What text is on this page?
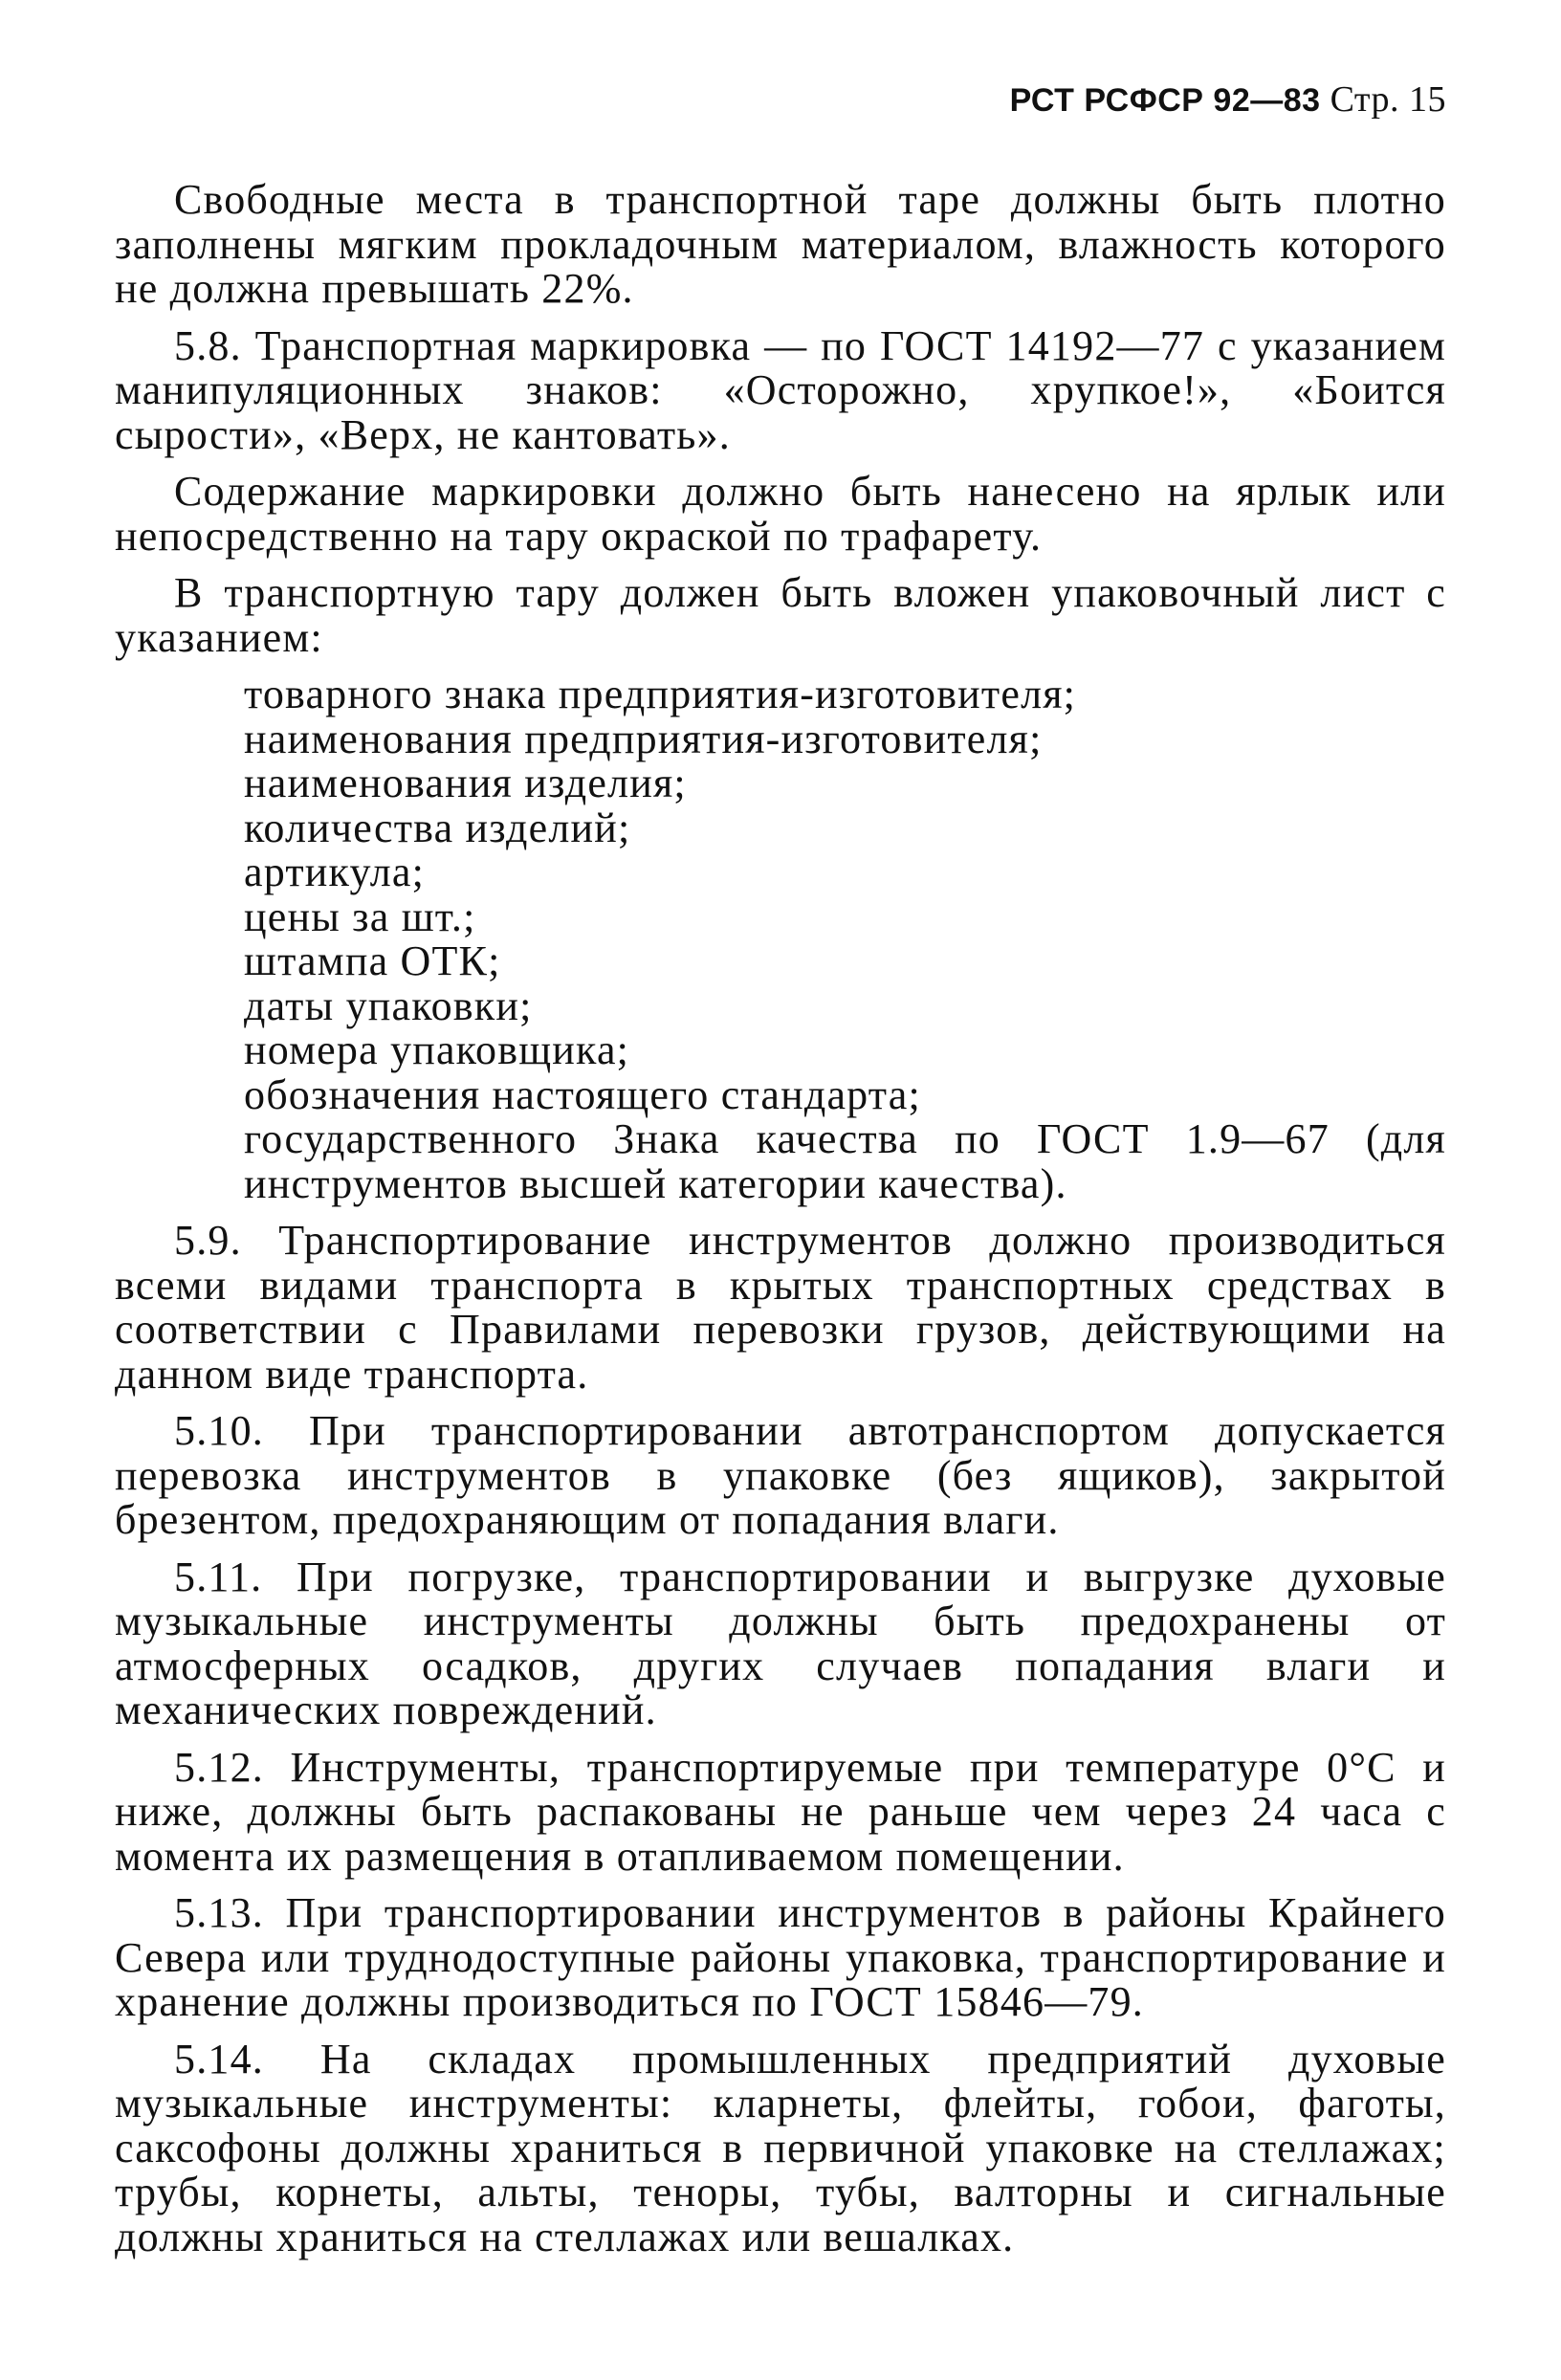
РСТ РСФСР 92—83 Стр. 15

Свободные места в транспортной таре должны быть плотно заполнены мягким прокладочным материалом, влажность которого не должна превышать 22%.

5.8. Транспортная маркировка — по ГОСТ 14192—77 с указанием манипуляционных знаков: «Осторожно, хрупкое!», «Боится сырости», «Верх, не кантовать».

Содержание маркировки должно быть нанесено на ярлык или непосредственно на тару окраской по трафарету.

В транспортную тару должен быть вложен упаковочный лист с указанием:

товарного знака предприятия-изготовителя;
наименования предприятия-изготовителя;
наименования изделия;
количества изделий;
артикула;
цены за шт.;
штампа ОТК;
даты упаковки;
номера упаковщика;
обозначения настоящего стандарта;
государственного Знака качества по ГОСТ 1.9—67 (для инструментов высшей категории качества).

5.9. Транспортирование инструментов должно производиться всеми видами транспорта в крытых транспортных средствах в соответствии с Правилами перевозки грузов, действующими на данном виде транспорта.

5.10. При транспортировании автотранспортом допускается перевозка инструментов в упаковке (без ящиков), закрытой брезентом, предохраняющим от попадания влаги.

5.11. При погрузке, транспортировании и выгрузке духовые музыкальные инструменты должны быть предохранены от атмосферных осадков, других случаев попадания влаги и механических повреждений.

5.12. Инструменты, транспортируемые при температуре 0°С и ниже, должны быть распакованы не раньше чем через 24 часа с момента их размещения в отапливаемом помещении.

5.13. При транспортировании инструментов в районы Крайнего Севера или труднодоступные районы упаковка, транспортирование и хранение должны производиться по ГОСТ 15846—79.

5.14. На складах промышленных предприятий духовые музыкальные инструменты: кларнеты, флейты, гобои, фаготы, саксофоны должны храниться в первичной упаковке на стеллажах; трубы, корнеты, альты, теноры, тубы, валторны и сигнальные должны храниться на стеллажах или вешалках.
